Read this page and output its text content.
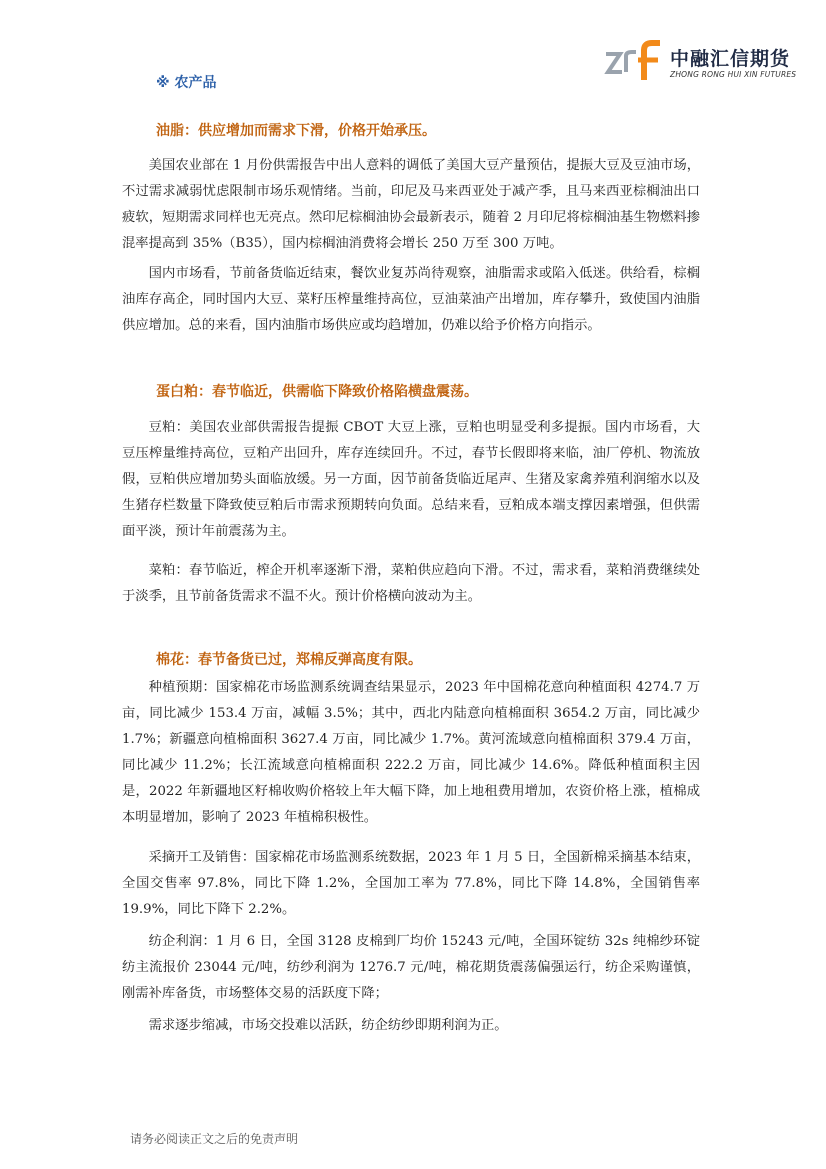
中融汇信期货
ZHONG RONG HUI XIN FUTURES
※ 农产品
油脂：供应增加而需求下滑，价格开始承压。

美国农业部在 1 月份供需报告中出人意料的调低了美国大豆产量预估，提振大豆及豆油市场，不过需求减弱忧虑限制市场乐观情绪。当前，印尼及马来西亚处于减产季，且马来西亚棕榈油出口疲软，短期需求同样也无亮点。然印尼棕榈油协会最新表示，随着 2 月印尼将棕榈油基生物燃料掺混率提高到 35%（B35），国内棕榈油消费将会增长 250 万至 300 万吨。

国内市场看，节前备货临近结束，餐饮业复苏尚待观察，油脂需求或陷入低迷。供给看，棕榈油库存高企，同时国内大豆、菜籽压榨量维持高位，豆油菜油产出增加，库存攀升，致使国内油脂供应增加。总的来看，国内油脂市场供应或均趋增加，仍难以给予价格方向指示。

蛋白粕：春节临近，供需临下降致价格陷横盘震荡。

豆粕：美国农业部供需报告提振 CBOT 大豆上涨，豆粕也明显受利多提振。国内市场看，大豆压榨量维持高位，豆粕产出回升，库存连续回升。不过，春节长假即将来临，油厂停机、物流放假，豆粕供应增加势头面临放缓。另一方面，因节前备货临近尾声、生猪及家禽养殖利润缩水以及生猪存栏数量下降致使豆粕后市需求预期转向负面。总结来看，豆粕成本端支撑因素增强，但供需面平淡，预计年前震荡为主。

菜粕：春节临近，榨企开机率逐渐下滑，菜粕供应趋向下滑。不过，需求看，菜粕消费继续处于淡季，且节前备货需求不温不火。预计价格横向波动为主。

棉花：春节备货已过，郑棉反弹高度有限。

种植预期：国家棉花市场监测系统调查结果显示，2023 年中国棉花意向种植面积 4274.7 万亩，同比减少 153.4 万亩，减幅 3.5%；其中，西北内陆意向植棉面积 3654.2 万亩，同比减少 1.7%；新疆意向植棉面积 3627.4 万亩，同比减少 1.7%。黄河流域意向植棉面积 379.4 万亩，同比减少 11.2%；长江流域意向植棉面积 222.2 万亩，同比减少 14.6%。降低种植面积主因是，2022 年新疆地区籽棉收购价格较上年大幅下降，加上地租费用增加，农资价格上涨，植棉成本明显增加，影响了 2023 年植棉积极性。

采摘开工及销售：国家棉花市场监测系统数据，2023 年 1 月 5 日，全国新棉采摘基本结束，全国交售率 97.8%，同比下降 1.2%，全国加工率为 77.8%，同比下降 14.8%，全国销售率 19.9%，同比下降下 2.2%。

纺企利润：1 月 6 日，全国 3128 皮棉到厂均价 15243 元/吨，全国环锭纺 32s 纯棉纱环锭纺主流报价 23044 元/吨，纺纱利润为 1276.7 元/吨，棉花期货震荡偏强运行，纺企采购谨慎，刚需补库备货，市场整体交易的活跃度下降；

需求逐步缩减，市场交投难以活跃，纺企纺纱即期利润为正。

请务必阅读正文之后的免责声明
